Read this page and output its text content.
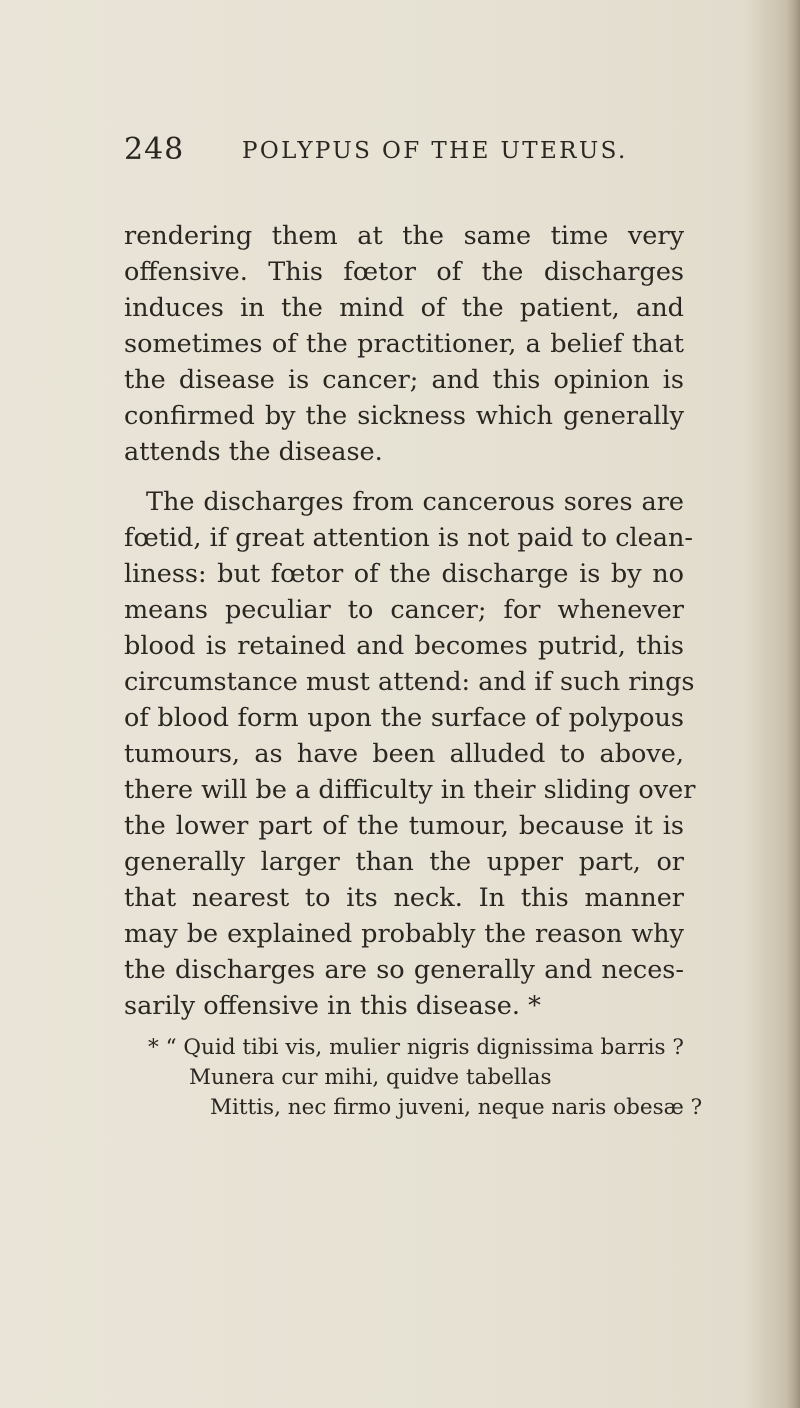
248	POLYPUS OF THE UTERUS.
rendering them at the same time very
offensive. This fœtor of the discharges
induces in the mind of the patient, and
sometimes of the practitioner, a belief that
the disease is cancer; and this opinion is
confirmed by the sickness which generally
attends the disease.
The discharges from cancerous sores are
fœtid, if great attention is not paid to clean-
liness: but fœtor of the discharge is by no
means peculiar to cancer; for whenever
blood is retained and becomes putrid, this
circumstance must attend: and if such rings
of blood form upon the surface of polypous
tumours, as have been alluded to above,
there will be a difficulty in their sliding over
the lower part of the tumour, because it is
generally larger than the upper part, or
that nearest to its neck. In this manner
may be explained probably the reason why
the discharges are so generally and neces-
sarily offensive in this disease. *
* “ Quid tibi vis, mulier nigris dignissima barris ?
Munera cur mihi, quidve tabellas
Mittis, nec firmo juveni, neque naris obesæ ?
